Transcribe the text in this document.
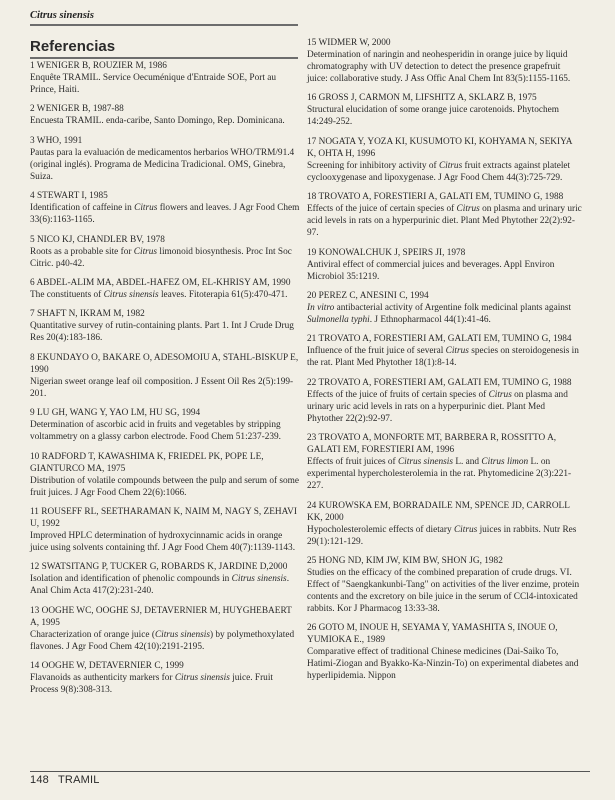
Citrus sinensis
Referencias
1 WENIGER B, ROUZIER M, 1986
Enquête TRAMIL. Service Oecuménique d'Entraide SOE, Port au Prince, Haiti.
2 WENIGER B, 1987-88
Encuesta TRAMIL. enda-caribe, Santo Domingo, Rep. Dominicana.
3 WHO, 1991
Pautas para la evaluación de medicamentos herbarios WHO/TRM/91.4 (original inglés). Programa de Medicina Tradicional. OMS, Ginebra, Suiza.
4 STEWART I, 1985
Identification of caffeine in Citrus flowers and leaves. J Agr Food Chem 33(6):1163-1165.
5 NICO KJ, CHANDLER BV, 1978
Roots as a probable site for Citrus limonoid biosynthesis. Proc Int Soc Citric. p40-42.
6 ABDEL-ALIM MA, ABDEL-HAFEZ OM, EL-KHRISY AM, 1990
The constituents of Citrus sinensis leaves. Fitoterapia 61(5):470-471.
7 SHAFT N, IKRAM M, 1982
Quantitative survey of rutin-containing plants. Part 1. Int J Crude Drug Res 20(4):183-186.
8 EKUNDAYO O, BAKARE O, ADESOMOIU A, STAHL-BISKUP E, 1990
Nigerian sweet orange leaf oil composition. J Essent Oil Res 2(5):199-201.
9 LU GH, WANG Y, YAO LM, HU SG, 1994
Determination of ascorbic acid in fruits and vegetables by stripping voltammetry on a glassy carbon electrode. Food Chem 51:237-239.
10 RADFORD T, KAWASHIMA K, FRIEDEL PK, POPE LE, GIANTURCO MA, 1975
Distribution of volatile compounds between the pulp and serum of some fruit juices. J Agr Food Chem 22(6):1066.
11 ROUSEFF RL, SEETHARAMAN K, NAIM M, NAGY S, ZEHAVI U, 1992
Improved HPLC determination of hydroxycinnamic acids in orange juice using solvents containing thf. J Agr Food Chem 40(7):1139-1143.
12 SWATSITANG P, TUCKER G, ROBARDS K, JARDINE D,2000
Isolation and identification of phenolic compounds in Citrus sinensis. Anal Chim Acta 417(2):231-240.
13 OOGHE WC, OOGHE SJ, DETAVERNIER M, HUYGHEBAERT A, 1995
Characterization of orange juice (Citrus sinensis) by polymethoxylated flavones. J Agr Food Chem 42(10):2191-2195.
14 OOGHE W, DETAVERNIER C, 1999
Flavanoids as authenticity markers for Citrus sinensis juice. Fruit Process 9(8):308-313.
15 WIDMER W, 2000
Determination of naringin and neohesperidin in orange juice by liquid chromatography with UV detection to detect the presence grapefruit juice: collaborative study. J Ass Offic Anal Chem Int 83(5):1155-1165.
16 GROSS J, CARMON M, LIFSHITZ A, SKLARZ B, 1975
Structural elucidation of some orange juice carotenoids. Phytochem 14:249-252.
17 NOGATA Y, YOZA KI, KUSUMOTO KI, KOHYAMA N, SEKIYA K, OHTA H, 1996
Screening for inhibitory activity of Citrus fruit extracts against platelet cyclooxygenase and lipoxygenase. J Agr Food Chem 44(3):725-729.
18 TROVATO A, FORESTIERI A, GALATI EM, TUMINO G, 1988
Effects of the juice of certain species of Citrus on plasma and urinary uric acid levels in rats on a hyperpurinic diet. Plant Med Phytother 22(2):92-97.
19 KONOWALCHUK J, SPEIRS JI, 1978
Antiviral effect of commercial juices and beverages. Appl Environ Microbiol 35:1219.
20 PEREZ C, ANESINI C, 1994
In vitro antibacterial activity of Argentine folk medicinal plants against Sulmonella typhi. J Ethnopharmacol 44(1):41-46.
21 TROVATO A, FORESTIERI AM, GALATI EM, TUMINO G, 1984
Influence of the fruit juice of several Citrus species on steroidogenesis in the rat. Plant Med Phytother 18(1):8-14.
22 TROVATO A, FORESTIERI AM, GALATI EM, TUMINO G, 1988
Effects of the juice of fruits of certain species of Citrus on plasma and urinary uric acid levels in rats on a hyperpurinic diet. Plant Med Phytother 22(2):92-97.
23 TROVATO A, MONFORTE MT, BARBERA R, ROSSITTO A, GALATI EM, FORESTIERI AM, 1996
Effects of fruit juices of Citrus sinensis L. and Citrus limon L. on experimental hypercholesterolemia in the rat. Phytomedicine 2(3):221-227.
24 KUROWSKA EM, BORRADAILE NM, SPENCE JD, CARROLL KK, 2000
Hypocholesterolemic effects of dietary Citrus juices in rabbits. Nutr Res 29(1):121-129.
25 HONG ND, KIM JW, KIM BW, SHON JG, 1982
Studies on the efficacy of the combined preparation of crude drugs. VI. Effect of "Saengkankunbi-Tang" on activities of the liver enzime, protein contents and the excretory on bile juice in the serum of CCl4-intoxicated rabbits. Kor J Pharmacog 13:33-38.
26 GOTO M, INOUE H, SEYAMA Y, YAMASHITA S, INOUE O, YUMIOKA E., 1989
Comparative effect of traditional Chinese medicines (Dai-Saiko To, Hatimi-Ziogan and Byakko-Ka-Ninzin-To) on experimental diabetes and hyperlipidemia. Nippon
148 TRAMIL
